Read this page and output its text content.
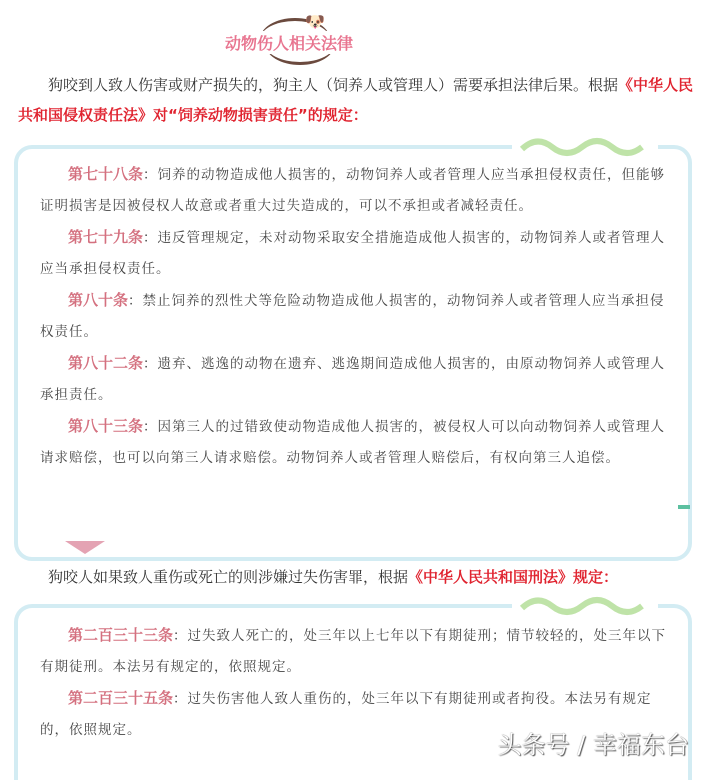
🐶
动物伤人相关法律
狗咬到人致人伤害或财产损失的，狗主人（饲养人或管理人）需要承担法律后果。根据《中华人民共和国侵权责任法》对“饲养动物损害责任”的规定：
第七十八条：饲养的动物造成他人损害的，动物饲养人或者管理人应当承担侵权责任，但能够证明损害是因被侵权人故意或者重大过失造成的，可以不承担或者减轻责任。
第七十九条：违反管理规定，未对动物采取安全措施造成他人损害的，动物饲养人或者管理人应当承担侵权责任。
第八十条：禁止饲养的烈性犬等危险动物造成他人损害的，动物饲养人或者管理人应当承担侵权责任。
第八十二条：遗弃、逃逸的动物在遗弃、逃逸期间造成他人损害的，由原动物饲养人或管理人承担责任。
第八十三条：因第三人的过错致使动物造成他人损害的，被侵权人可以向动物饲养人或管理人请求赔偿，也可以向第三人请求赔偿。动物饲养人或者管理人赔偿后，有权向第三人追偿。
狗咬人如果致人重伤或死亡的则涉嫌过失伤害罪，根据《中华人民共和国刑法》规定：
第二百三十三条：过失致人死亡的，处三年以上七年以下有期徒刑；情节较轻的，处三年以下有期徒刑。本法另有规定的，依照规定。
第二百三十五条：过失伤害他人致人重伤的，处三年以下有期徒刑或者拘役。本法另有规定的，依照规定。
头条号 / 幸福东台
